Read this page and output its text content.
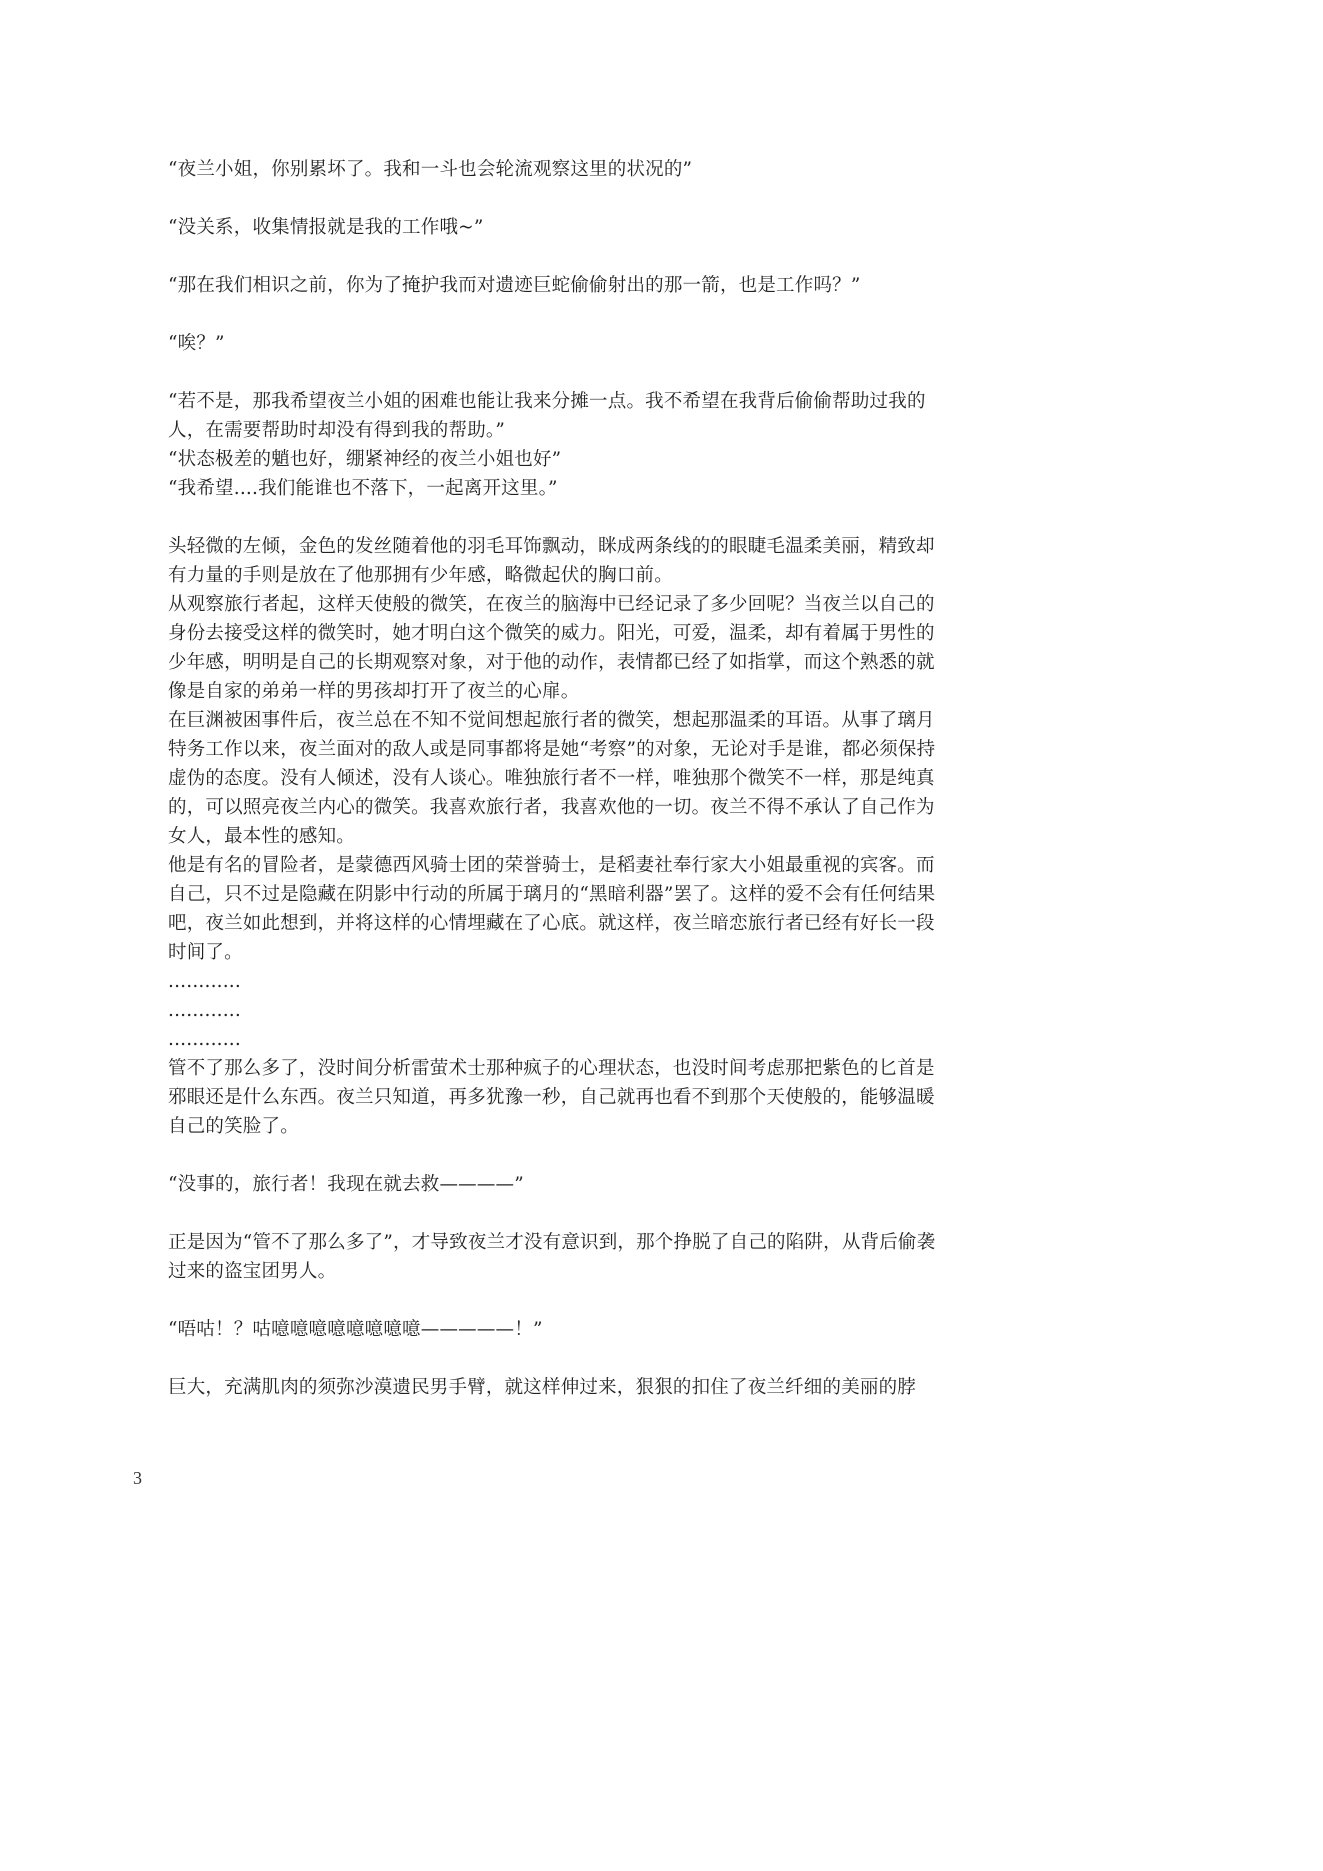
“夜兰小姐，你别累坏了。我和一斗也会轮流观察这里的状况的”

“没关系，收集情报就是我的工作哦~”

“那在我们相识之前，你为了掩护我而对遗迹巨蛇偷偷射出的那一箭，也是工作吗？”

“唉？”

“若不是，那我希望夜兰小姐的困难也能让我来分摊一点。我不希望在我背后偷偷帮助过我的人，在需要帮助时却没有得到我的帮助。”

“状态极差的魈也好，绷紧神经的夜兰小姐也好”

“我希望....我们能谁也不落下，一起离开这里。”

头轻微的左倾，金色的发丝随着他的羽毛耳饰飘动，眯成两条线的的眼睫毛温柔美丽，精致却有力量的手则是放在了他那拥有少年感，略微起伏的胸口前。

从观察旅行者起，这样天使般的微笑，在夜兰的脑海中已经记录了多少回呢？当夜兰以自己的身份去接受这样的微笑时，她才明白这个微笑的威力。阳光，可爱，温柔，却有着属于男性的少年感，明明是自己的长期观察对象，对于他的动作，表情都已经了如指掌，而这个熟悉的就像是自家的弟弟一样的男孩却打开了夜兰的心扉。

在巨渊被困事件后，夜兰总在不知不觉间想起旅行者的微笑，想起那温柔的耳语。从事了璃月特务工作以来，夜兰面对的敌人或是同事都将是她“考察”的对象，无论对手是谁，都必须保持虚伪的态度。没有人倾述，没有人谈心。唯独旅行者不一样，唯独那个微笑不一样，那是纯真的，可以照亮夜兰内心的微笑。我喜欢旅行者，我喜欢他的一切。夜兰不得不承认了自己作为女人，最本性的感知。

他是有名的冒险者，是蒙德西风骑士团的荣誉骑士，是稻妻社奉行家大小姐最重视的宾客。而自己，只不过是隐藏在阴影中行动的所属于璃月的“黑暗利器”罢了。这样的爱不会有任何结果吧，夜兰如此想到，并将这样的心情埋藏在了心底。就这样，夜兰暗恋旅行者已经有好长一段时间了。

............

............

............

管不了那么多了，没时间分析雷萤术士那种疯子的心理状态，也没时间考虑那把紫色的匕首是邪眼还是什么东西。夜兰只知道，再多犹豫一秒，自己就再也看不到那个天使般的，能够温暖自己的笑脸了。

“没事的，旅行者！我现在就去救————”

正是因为“管不了那么多了”，才导致夜兰才没有意识到，那个挣脱了自己的陷阱，从背后偷袭过来的盗宝团男人。

“唔咕！？咕噫噫噫噫噫噫噫噫—————！”

巨大，充满肌肉的须弥沙漠遗民男手臂，就这样伸过来，狠狠的扣住了夜兰纤细的美丽的脖

3
